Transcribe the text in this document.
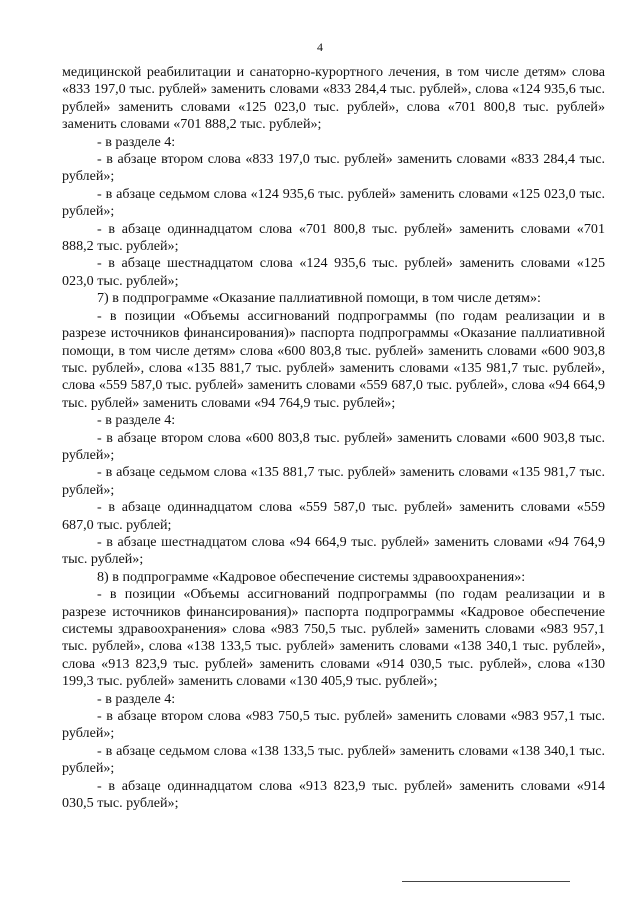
4

медицинской реабилитации и санаторно-курортного лечения, в том числе детям» слова «833 197,0 тыс. рублей» заменить словами «833 284,4 тыс. рублей», слова «124 935,6 тыс. рублей» заменить словами «125 023,0 тыс. рублей», слова «701 800,8 тыс. рублей» заменить словами «701 888,2 тыс. рублей»;

- в разделе 4:

- в абзаце втором слова «833 197,0 тыс. рублей» заменить словами «833 284,4 тыс. рублей»;

- в абзаце седьмом слова «124 935,6 тыс. рублей» заменить словами «125 023,0 тыс. рублей»;

- в абзаце одиннадцатом слова «701 800,8 тыс. рублей» заменить словами «701 888,2 тыс. рублей»;

- в абзаце шестнадцатом слова «124 935,6 тыс. рублей» заменить словами «125 023,0 тыс. рублей»;

7) в подпрограмме «Оказание паллиативной помощи, в том числе детям»:

- в позиции «Объемы ассигнований подпрограммы (по годам реализации и в разрезе источников финансирования)» паспорта подпрограммы «Оказание паллиативной помощи, в том числе детям» слова «600 803,8 тыс. рублей» заменить словами «600 903,8 тыс. рублей», слова «135 881,7 тыс. рублей» заменить словами «135 981,7 тыс. рублей», слова «559 587,0 тыс. рублей» заменить словами «559 687,0 тыс. рублей», слова «94 664,9 тыс. рублей» заменить словами «94 764,9 тыс. рублей»;

- в разделе 4:

- в абзаце втором слова «600 803,8 тыс. рублей» заменить словами «600 903,8 тыс. рублей»;

- в абзаце седьмом слова «135 881,7 тыс. рублей» заменить словами «135 981,7 тыс. рублей»;

- в абзаце одиннадцатом слова «559 587,0 тыс. рублей» заменить словами «559 687,0 тыс. рублей;

- в абзаце шестнадцатом слова «94 664,9 тыс. рублей» заменить словами «94 764,9 тыс. рублей»;

8) в подпрограмме «Кадровое обеспечение системы здравоохранения»:

- в позиции «Объемы ассигнований подпрограммы (по годам реализации и в разрезе источников финансирования)» паспорта подпрограммы «Кадровое обеспечение системы здравоохранения» слова «983 750,5 тыс. рублей» заменить словами «983 957,1 тыс. рублей», слова «138 133,5 тыс. рублей» заменить словами «138 340,1 тыс. рублей», слова «913 823,9 тыс. рублей» заменить словами «914 030,5 тыс. рублей», слова «130 199,3 тыс. рублей» заменить словами «130 405,9 тыс. рублей»;

- в разделе 4:

- в абзаце втором слова «983 750,5 тыс. рублей» заменить словами «983 957,1 тыс. рублей»;

- в абзаце седьмом слова «138 133,5 тыс. рублей» заменить словами «138 340,1 тыс. рублей»;

- в абзаце одиннадцатом слова «913 823,9 тыс. рублей» заменить словами «914 030,5 тыс. рублей»;
